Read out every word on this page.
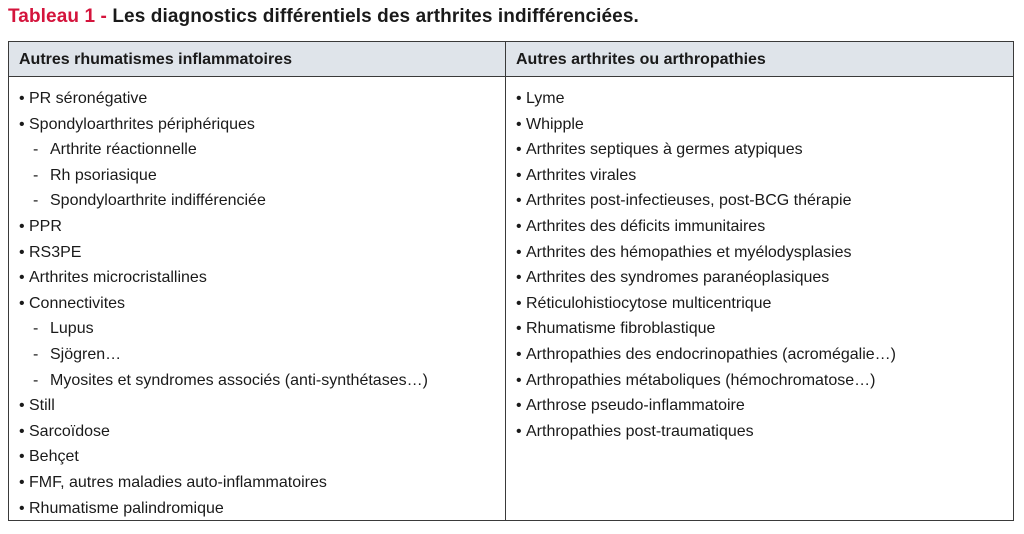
Tableau 1 - Les diagnostics différentiels des arthrites indifférenciées.
Autres rhumatismes inflammatoires
• PR séronégative
• Spondyloarthrites périphériques
- Arthrite réactionnelle
- Rh psoriasique
- Spondyloarthrite indifférenciée
• PPR
• RS3PE
• Arthrites microcristallines
• Connectivites
- Lupus
- Sjögren…
- Myosites et syndromes associés (anti-synthétases…)
• Still
• Sarcoïdose
• Behçet
• FMF, autres maladies auto-inflammatoires
• Rhumatisme palindromique
Autres arthrites ou arthropathies
• Lyme
• Whipple
• Arthrites septiques à germes atypiques
• Arthrites virales
• Arthrites post-infectieuses, post-BCG thérapie
• Arthrites des déficits immunitaires
• Arthrites des hémopathies et myélodysplasies
• Arthrites des syndromes paranéoplasiques
• Réticulohistiocytose multicentrique
• Rhumatisme fibroblastique
• Arthropathies des endocrinopathies (acromégalie…)
• Arthropathies métaboliques (hémochromatose…)
• Arthrose pseudo-inflammatoire
• Arthropathies post-traumatiques
